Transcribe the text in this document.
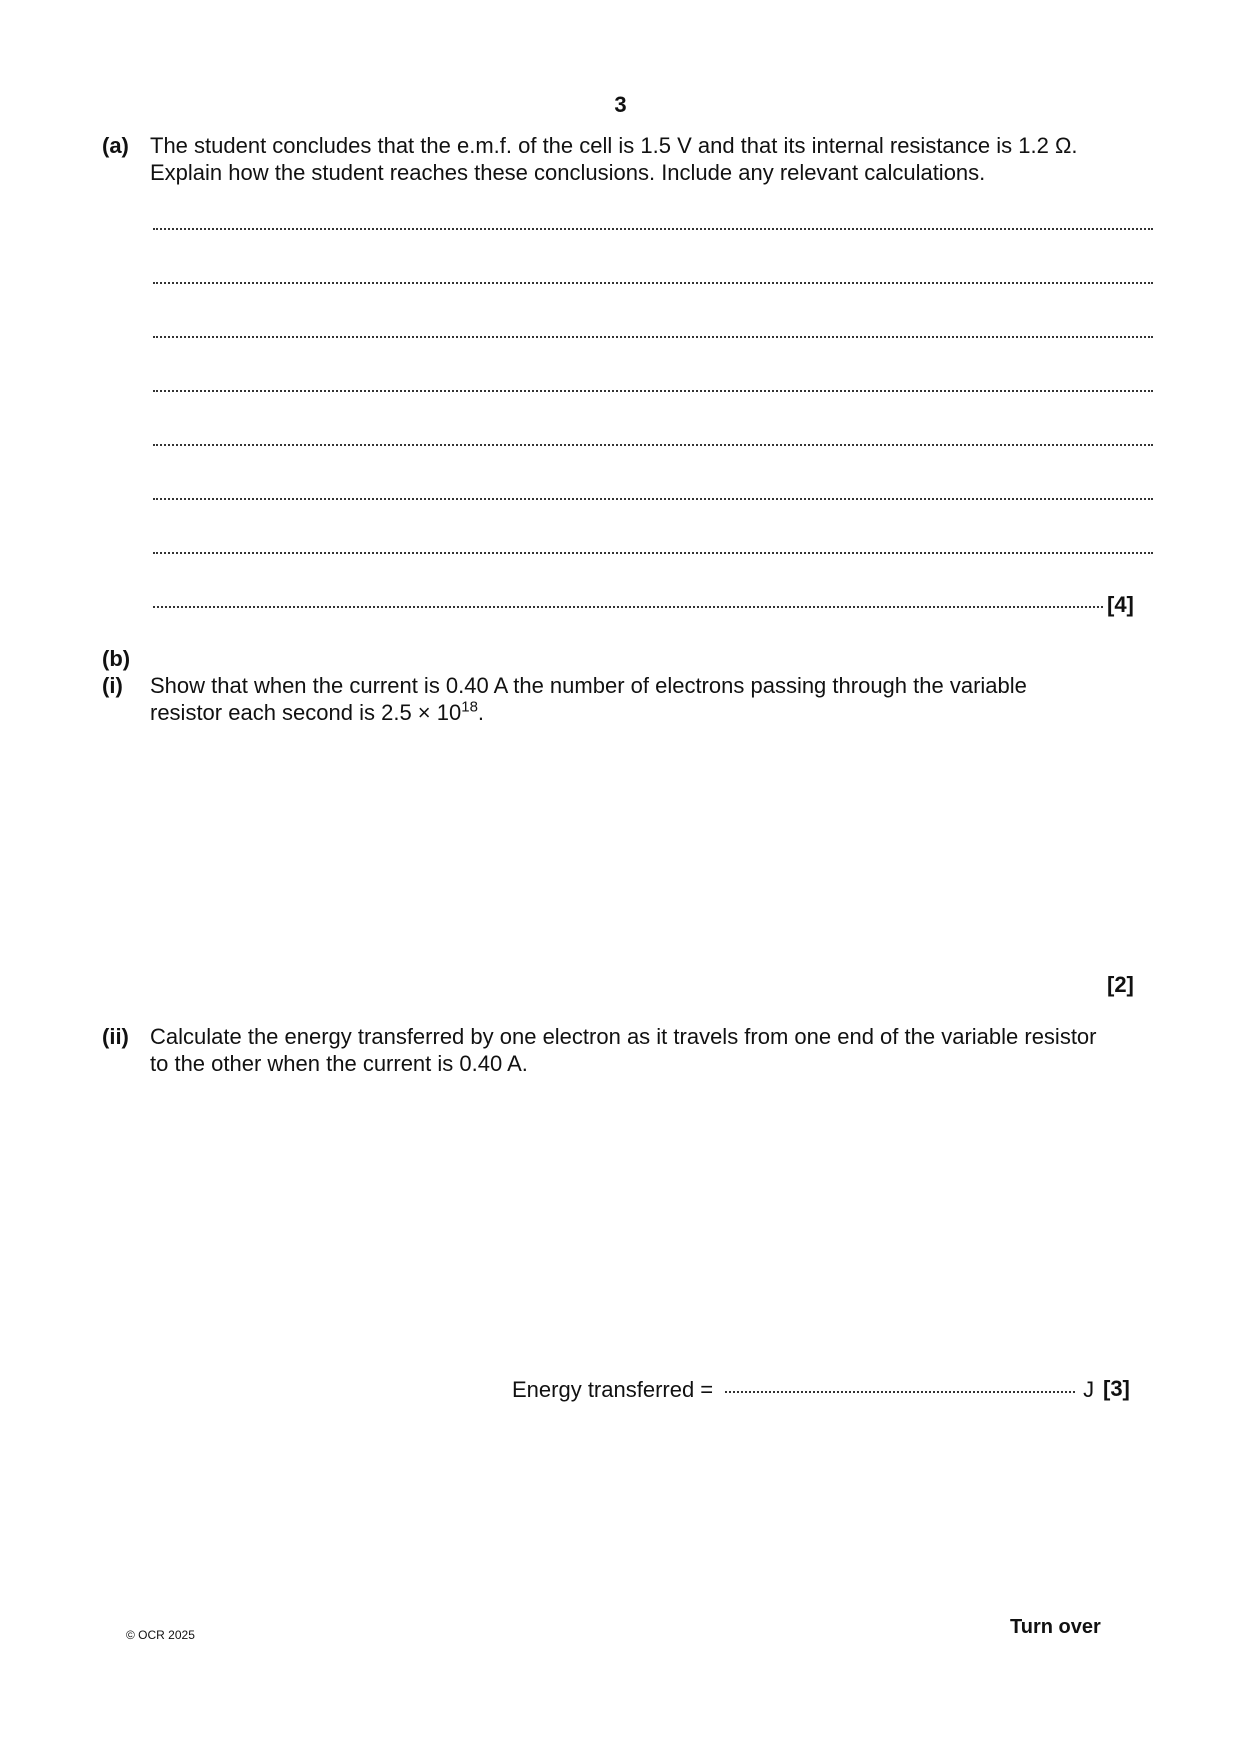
3
(a) The student concludes that the e.m.f. of the cell is 1.5 V and that its internal resistance is 1.2 Ω.
Explain how the student reaches these conclusions. Include any relevant calculations.
[4]
(b)
(i) Show that when the current is 0.40 A the number of electrons passing through the variable
resistor each second is $2.5 \times 10^{18}$.
[2]
(ii) Calculate the energy transferred by one electron as it travels from one end of the variable resistor
to the other when the current is 0.40 A.
Energy transferred =	J [3]
© OCR 2025	Turn over
